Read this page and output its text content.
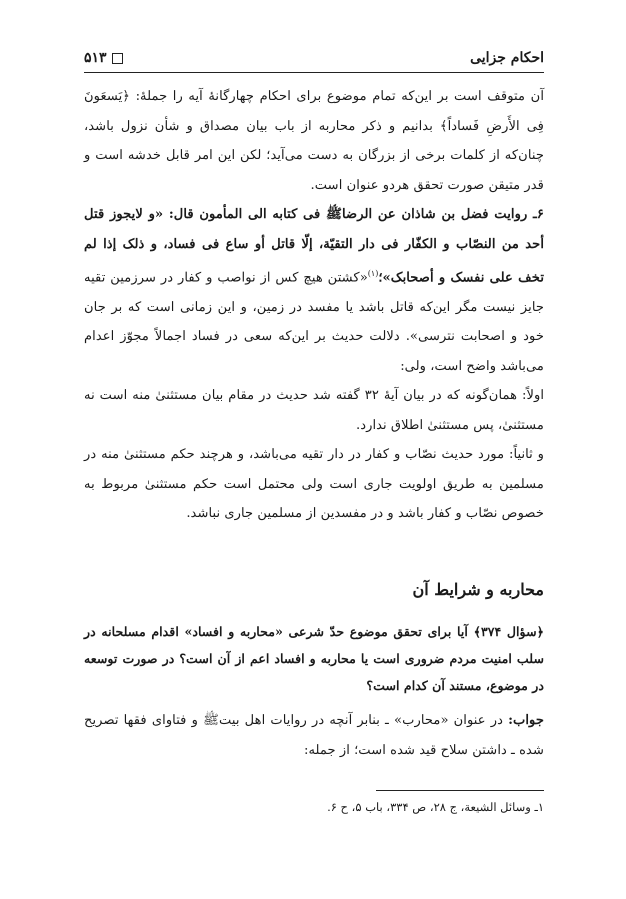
احکام جزایی
۵۱۳

آن متوقف است بر این‌که تمام موضوع برای احکام چهارگانهٔ آیه را جملهٔ: ﴿یَسعَونَ فِی الأَرضِ فَساداً﴾ بدانیم و ذکر محاربه از باب بیان مصداق و شأن نزول باشد، چنان‌که از کلمات برخی از بزرگان به دست می‌آید؛ لکن این امر قابل خدشه است و قدر متیقن صورت تحقق هردو عنوان است.

۶ـ روایت فضل بن شاذان عن الرضاﷺ فی کتابه الی المأمون قال: «و لایجوز قتل أحد من النصّاب و الکفّار فی دار التقیّة، إلّا قاتل أو ساع فی فساد، و ذلک إذا لم تخف علی نفسک و أصحابک»؛$^{(۱)}$«کشتن هیچ کس از نواصب و کفار در سرزمین تقیه جایز نیست مگر این‌که قاتل باشد یا مفسد در زمین، و این زمانی است که بر جان خود و اصحابت نترسی». دلالت حدیث بر این‌که سعی در فساد اجمالاً مجوّز اعدام می‌باشد واضح است، ولی:

اولاً: همان‌گونه که در بیان آیهٔ ۳۲ گفته شد حدیث در مقام بیان مستثنیٰ منه است نه مستثنیٰ، پس مستثنیٰ اطلاق ندارد.

و ثانیاً: مورد حدیث نصّاب و کفار در دار تقیه می‌باشد، و هرچند حکم مستثنیٰ منه در مسلمین به طریق اولویت جاری است ولی محتمل است حکم مستثنیٰ مربوط به خصوص نصّاب و کفار باشد و در مفسدین از مسلمین جاری نباشد.

محاربه و شرایط آن
﴿سؤال ۳۷۴﴾ آیا برای تحقق موضوع حدّ شرعی «محاربه و افساد» اقدام مسلحانه در سلب امنیت مردم ضروری است یا محاربه و افساد اعم از آن است؟ در صورت توسعه در موضوع، مستند آن کدام است؟
جواب: در عنوان «محارب» ـ بنابر آنچه در روایات اهل بیتﷺ و فتاوای فقها تصریح شده ـ داشتن سلاح قید شده است؛ از جمله:
۱ـ وسائل الشیعة، ج ۲۸، ص ۳۳۴، باب ۵، ح ۶.
